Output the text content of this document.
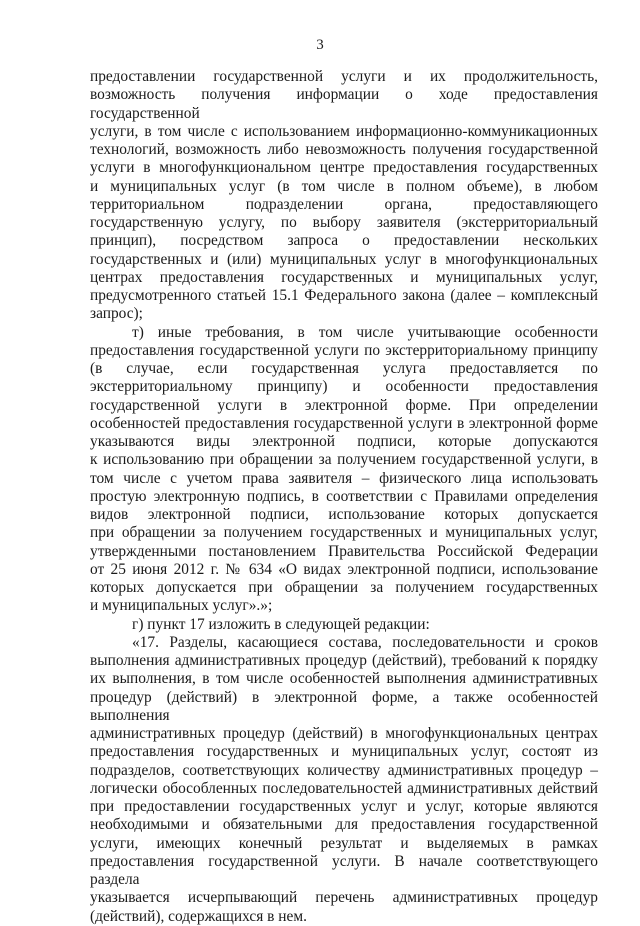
3

предоставлении государственной услуги и их продолжительность,

возможность получения информации о ходе предоставления государственной

услуги, в том числе с использованием информационно-коммуникационных

технологий, возможность либо невозможность получения государственной

услуги в многофункциональном центре предоставления государственных

и муниципальных услуг (в том числе в полном объеме), в любом

территориальном подразделении органа, предоставляющего

государственную услугу, по выбору заявителя (экстерриториальный

принцип), посредством запроса о предоставлении нескольких

государственных и (или) муниципальных услуг в многофункциональных

центрах предоставления государственных и муниципальных услуг,

предусмотренного статьей 15.1 Федерального закона (далее – комплексный

запрос);

т) иные требования, в том числе учитывающие особенности

предоставления государственной услуги по экстерриториальному принципу

(в случае, если государственная услуга предоставляется по

экстерриториальному принципу) и особенности предоставления

государственной услуги в электронной форме. При определении

особенностей предоставления государственной услуги в электронной форме

указываются виды электронной подписи, которые допускаются

к использованию при обращении за получением государственной услуги, в

том числе с учетом права заявителя – физического лица использовать

простую электронную подпись, в соответствии с Правилами определения

видов электронной подписи, использование которых допускается

при обращении за получением государственных и муниципальных услуг,

утвержденными постановлением Правительства Российской Федерации

от 25 июня 2012 г. № 634 «О видах электронной подписи, использование

которых допускается при обращении за получением государственных

и муниципальных услуг».»;

г) пункт 17 изложить в следующей редакции:

«17. Разделы, касающиеся состава, последовательности и сроков

выполнения административных процедур (действий), требований к порядку

их выполнения, в том числе особенностей выполнения административных

процедур (действий) в электронной форме, а также особенностей выполнения

административных процедур (действий) в многофункциональных центрах

предоставления государственных и муниципальных услуг, состоят из

подразделов, соответствующих количеству административных процедур –

логически обособленных последовательностей административных действий

при предоставлении государственных услуг и услуг, которые являются

необходимыми и обязательными для предоставления государственной

услуги, имеющих конечный результат и выделяемых в рамках

предоставления государственной услуги. В начале соответствующего раздела

указывается исчерпывающий перечень административных процедур

(действий), содержащихся в нем.
